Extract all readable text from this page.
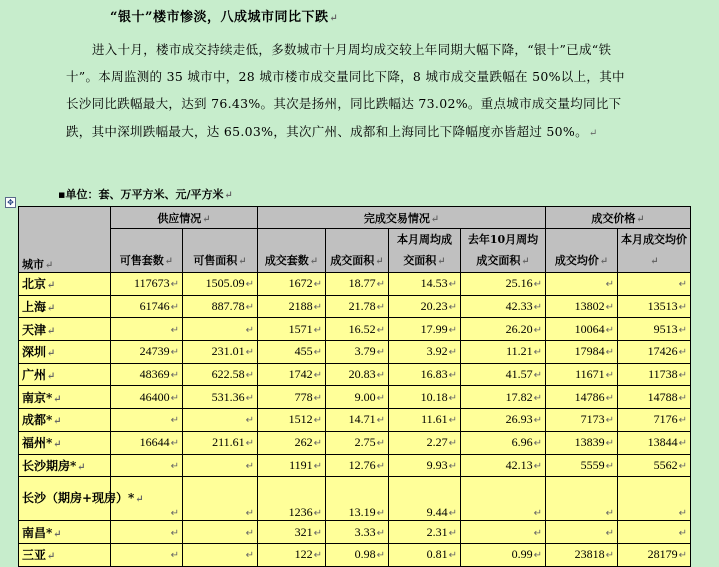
“银十”楼市惨淡，八成城市同比下跌↵
进入十月，楼市成交持续走低，多数城市十月周均成交较上年同期大幅下降，“银十”已成“铁十”。本周监测的 35 城市中，28 城市楼市成交量同比下降，8 城市成交量跌幅在 50%以上，其中长沙同比跌幅最大，达到 76.43%。其次是扬州，同比跌幅达 73.02%。重点城市成交量均同比下跌，其中深圳跌幅最大，达 65.03%，其次广州、成都和上海同比下降幅度亦皆超过 50%。↵
✥
▪单位：套、万平方米、元/平方米↵
城市↵	供应情况↵		完成交易情况↵				成交价格↵	
	可售套数↵	可售面积↵	成交套数↵	成交面积↵	本月周均成交面积↵	去年10月周均成交面积↵	成交均价↵	本月成交均价↵
北京↵	117673↵	1505.09↵	1672↵	18.77↵	14.53↵	25.16↵	↵	↵
上海↵	61746↵	887.78↵	2188↵	21.78↵	20.23↵	42.33↵	13802↵	13513↵
天津↵	↵	↵	1571↵	16.52↵	17.99↵	26.20↵	10064↵	9513↵
深圳↵	24739↵	231.01↵	455↵	3.79↵	3.92↵	11.21↵	17984↵	17426↵
广州↵	48369↵	622.58↵	1742↵	20.83↵	16.83↵	41.57↵	11671↵	11738↵
南京*↵	46400↵	531.36↵	778↵	9.00↵	10.18↵	17.82↵	14786↵	14788↵
成都*↵	↵	↵	1512↵	14.71↵	11.61↵	26.93↵	7173↵	7176↵
福州*↵	16644↵	211.61↵	262↵	2.75↵	2.27↵	6.96↵	13839↵	13844↵
长沙期房*↵	↵	↵	1191↵	12.76↵	9.93↵	42.13↵	5559↵	5562↵
长沙（期房+现房）*↵	↵	↵	1236↵	13.19↵	9.44↵	↵	↵	↵
南昌*↵	↵	↵	321↵	3.33↵	2.31↵	↵	↵	↵
三亚↵	↵	↵	122↵	0.98↵	0.81↵	0.99↵	23818↵	28179↵
